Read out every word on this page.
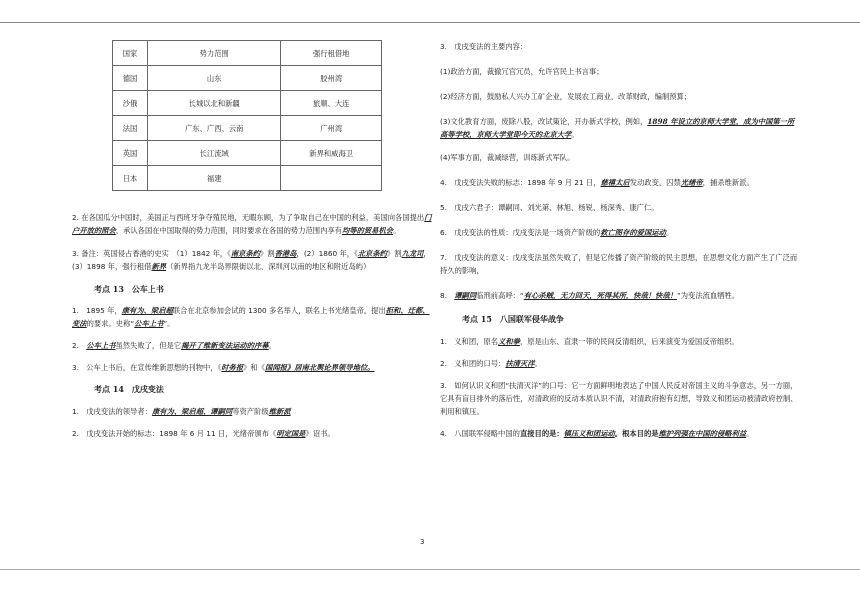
国家	势力范围	强行租借地
德国	山东	胶州湾
沙俄	长城以北和新疆	旅顺、大连
法国	广东、广西、云南	广州湾
英国	长江流域	新界和威海卫
日本	福建	

2. 在各国瓜分中国时，美国正与西班牙争夺殖民地，无暇东顾，为了争取自己在中国的利益，美国向各国提出门户开放的照会，承认各国在中国取得的势力范围，同时要求在各国的势力范围内享有均等的贸易机会。

3. 备注：英国侵占香港的史实　（1）1842 年，《南京条约》割香港岛，(2）1860 年，《北京条约》割九龙司，(3）1898 年，强行租借新界（新界指九龙半岛界限街以北、深圳河以南的地区和附近岛屿）

考点 13　公车上书

1.　1895 年，康有为、梁启超联合在北京参加会试的 1300 多名举人，联名上书光绪皇帝，提出拒和、迁都、变法的要求。史称“公车上书”。

2.　公车上书虽然失败了，但是它揭开了维新变法运动的序幕。

3.　公车上书后，在宣传维新思想的刊物中，《时务报》和《国闻报》居南北舆论界领导地位。

考点 14　戊戌变法

1.　戊戌变法的领导者：康有为、梁启超、谭嗣同等资产阶级维新派

2.　戊戌变法开始的标志：1898 年 6 月 11 日，光绪帝颁布《明定国是》诏书。

3.　戊戌变法的主要内容：

(1)政治方面，裁撤冗官冗员，允许官民上书言事；

(2)经济方面，鼓励私人兴办工矿企业，发展农工商业，改革财政，编制预算；

(3)文化教育方面，废除八股，改试策论，开办新式学校，例如，1898 年设立的京师大学堂，成为中国第一所高等学校，京师大学堂即今天的北京大学。

(4)军事方面，裁减绿营，训练新式军队。

4.　戊戌变法失败的标志：1898 年 9 月 21 日，慈禧太后发动政变，囚禁光绪帝，捕杀维新派。

5.　戊戌六君子：谭嗣同、刘光第、林旭、杨锐、杨深秀、康广仁。

6.　戊戌变法的性质：戊戌变法是一场资产阶级的救亡图存的爱国运动。

7.　戊戌变法的意义：戊戌变法虽然失败了，但是它传播了资产阶级的民主思想，在思想文化方面产生了广泛而持久的影响，

8.　谭嗣同临刑前高呼：“有心杀贼，无力回天，死得其所，快哉！快哉！”为变法流血牺牲。

考点 15　八国联军侵华战争

1.　义和团，原名义和拳，原是山东、直隶一带的民间反清组织，后来演变为爱国反帝组织。

2.　义和团的口号：扶清灭洋。

3.　如何认识义和团“扶清灭洋”的口号：它一方面鲜明地表达了中国人民反对帝国主义的斗争意志，另一方面，它具有盲目排外的落后性，对清政府的反动本质认识不清，对清政府抱有幻想，导致义和团运动被清政府控制、利用和镇压。

4.　八国联军侵略中国的直接目的是：镇压义和团运动。根本目的是维护列强在中国的侵略利益。

3
